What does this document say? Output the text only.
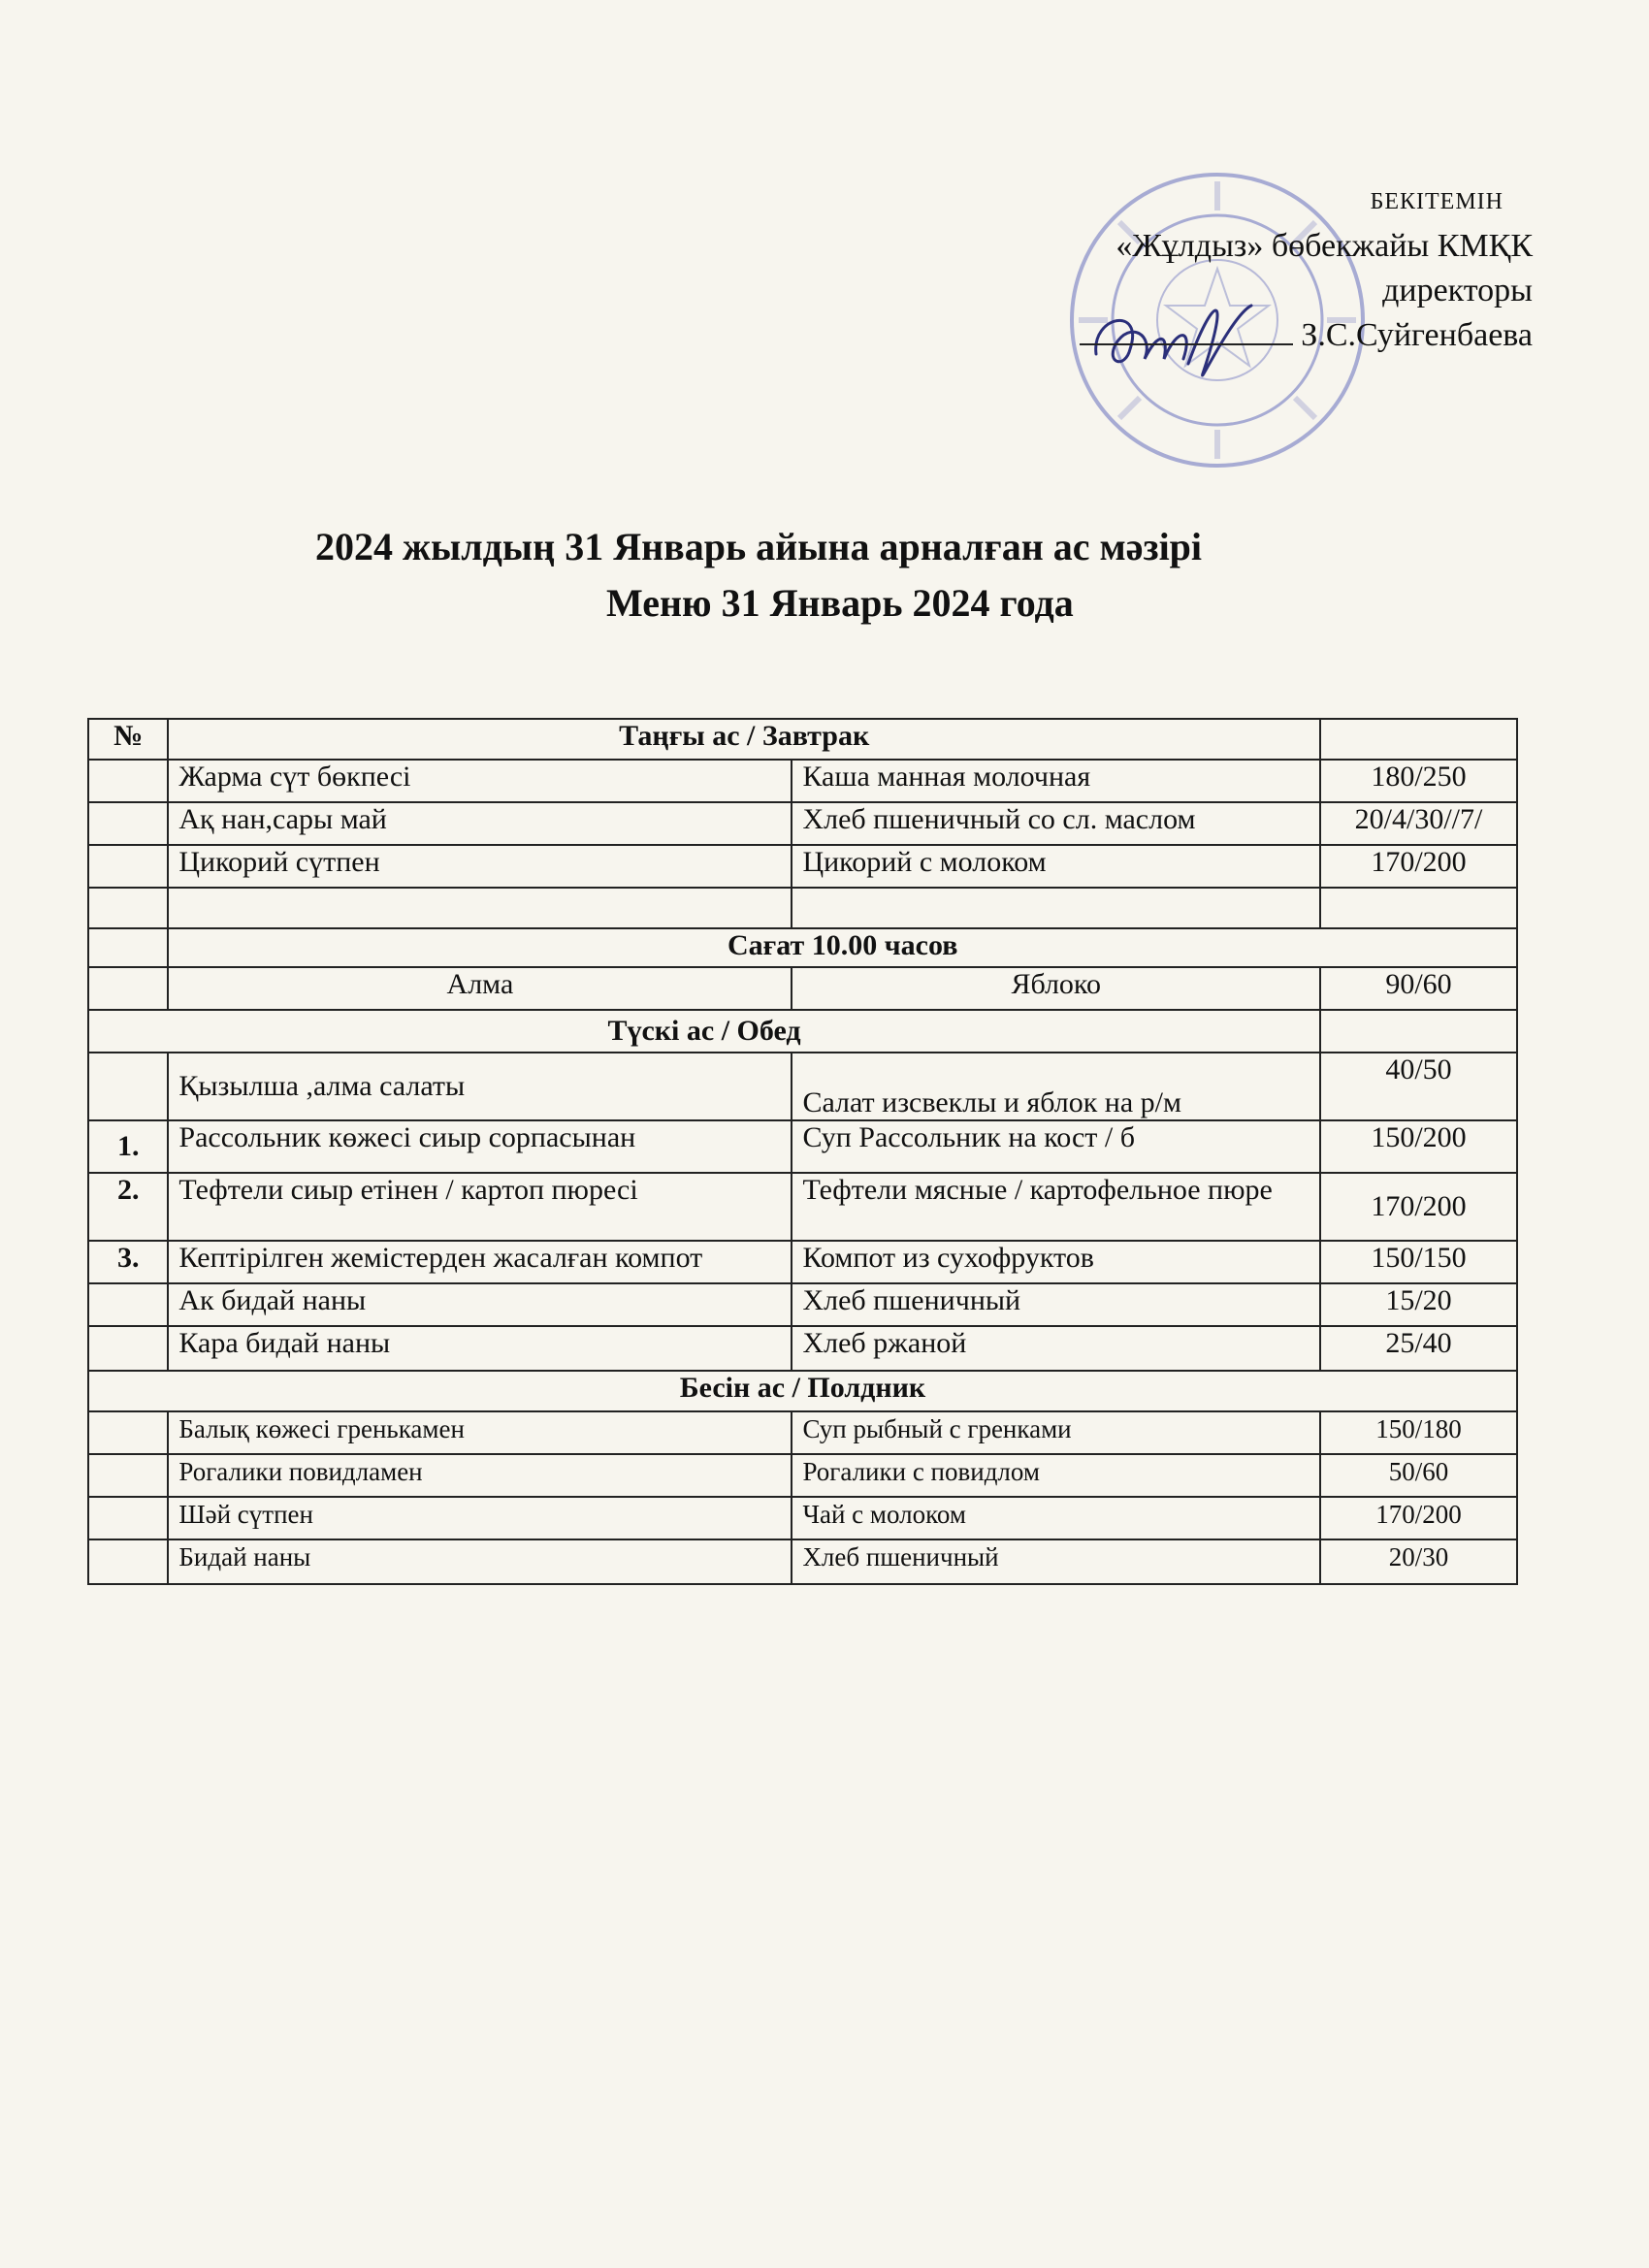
БЕКІТЕМІН
«Жұлдыз» бөбекжайы КМҚК
директоры
З.С.Суйгенбаева
2024 жылдың 31 Январь айына арналған ас мәзірі
Меню 31 Январь 2024 года
№	Таңғы ас / Завтрак		
	Жарма сүт бөкпесі	Каша манная молочная	180/250
	Ақ нан,сары май	Хлеб пшеничный со сл. маслом	20/4/30//7/
	Цикорий сүтпен	Цикорий с молоком	170/200

	Сағат 10.00 часов		
	Алма	Яблоко	90/60
Түскі ас / Обед			
	Қызылша ,алма салаты	Салат изсвеклы и яблок на р/м	40/50
1.	Рассольник көжесі сиыр сорпасынан	Суп Рассольник на кост / б	150/200
2.	Тефтели сиыр етінен / картоп пюресі	Тефтели мясные / картофельное пюре	170/200
3.	Кептірілген жемістерден жасалған компот	Компот из сухофруктов	150/150
	Ак бидай наны	Хлеб пшеничный	15/20
	Кара бидай наны	Хлеб ржаной	25/40
Бесін ас / Полдник			
	Балық көжесі гренькамен	Суп рыбный с гренками	150/180
	Рогалики повидламен	Рогалики с повидлом	50/60
	Шәй сүтпен	Чай с молоком	170/200
	Бидай наны	Хлеб пшеничный	20/30
